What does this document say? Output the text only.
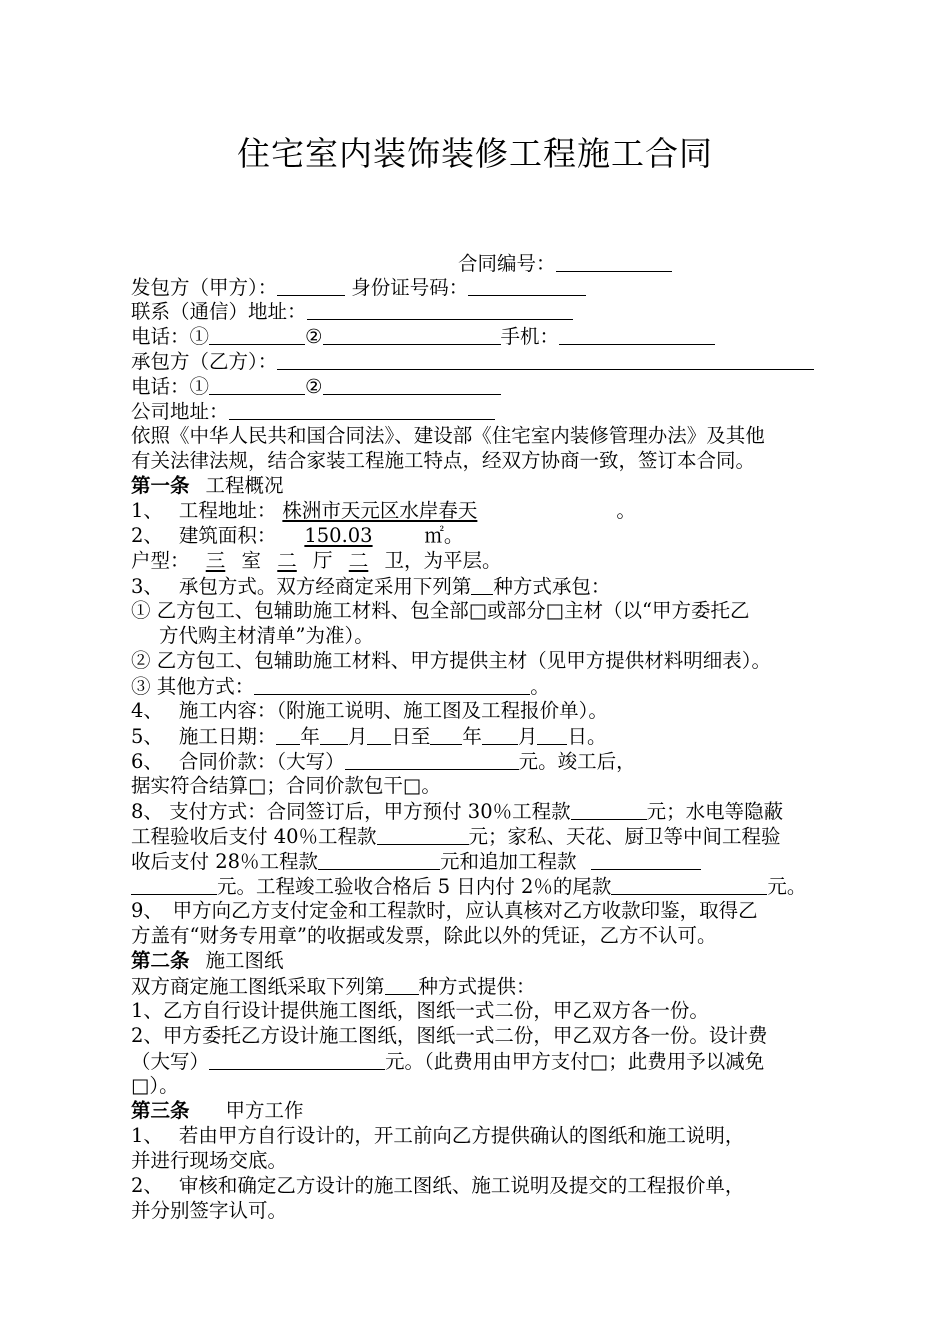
住宅室内装饰装修工程施工合同
合同编号：
发包方（甲方）：	身份证号码：
联系（通信）地址：
电话：①	②	手机：
承包方（乙方）：
电话：①	②
公司地址：
依照《中华人民共和国合同法》、建设部《住宅室内装修管理办法》及其他
有关法律法规，结合家装工程施工特点，经双方协商一致，签订本合同。
第一条 工程概况
1、　 工程地址： 株洲市天元区水岸春天	。
2、　 建筑面积： 150.03	㎡。
户型： 三 室 二 厅 二 卫，为平层。
3、　 承包方式。双方经商定采用下列第 种方式承包：
① 乙方包工、包辅助施工材料、包全部□或部分□主材（以“甲方委托乙
方代购主材清单”为准）。
② 乙方包工、包辅助施工材料、甲方提供主材（见甲方提供材料明细表）。
③ 其他方式：	。
4、　 施工内容：（附施工说明、施工图及工程报价单）。
5、　 施工日期： 年 月 日至 年 月 日。
6、　 合同价款：（大写）	元。竣工后，
据实符合结算□；合同价款包干□。
8、 支付方式：合同签订后，甲方预付 30％工程款	元；水电等隐蔽
工程验收后支付 40％工程款	元；家私、天花、厨卫等中间工程验
收后支付 28％工程款	元和追加工程款
元。工程竣工验收合格后 5 日内付 2％的尾款	元。
9、　甲方向乙方支付定金和工程款时，应认真核对乙方收款印鉴，取得乙
方盖有“财务专用章”的收据或发票，除此以外的凭证，乙方不认可。
第二条 施工图纸
双方商定施工图纸采取下列第 种方式提供：
1、乙方自行设计提供施工图纸，图纸一式二份，甲乙双方各一份。
2、甲方委托乙方设计施工图纸，图纸一式二份，甲乙双方各一份。设计费
（大写）	元。（此费用由甲方支付□；此费用予以减免
□）。
第三条 甲方工作
1、　 若由甲方自行设计的，开工前向乙方提供确认的图纸和施工说明，
并进行现场交底。
2、　 审核和确定乙方设计的施工图纸、施工说明及提交的工程报价单，
并分别签字认可。
